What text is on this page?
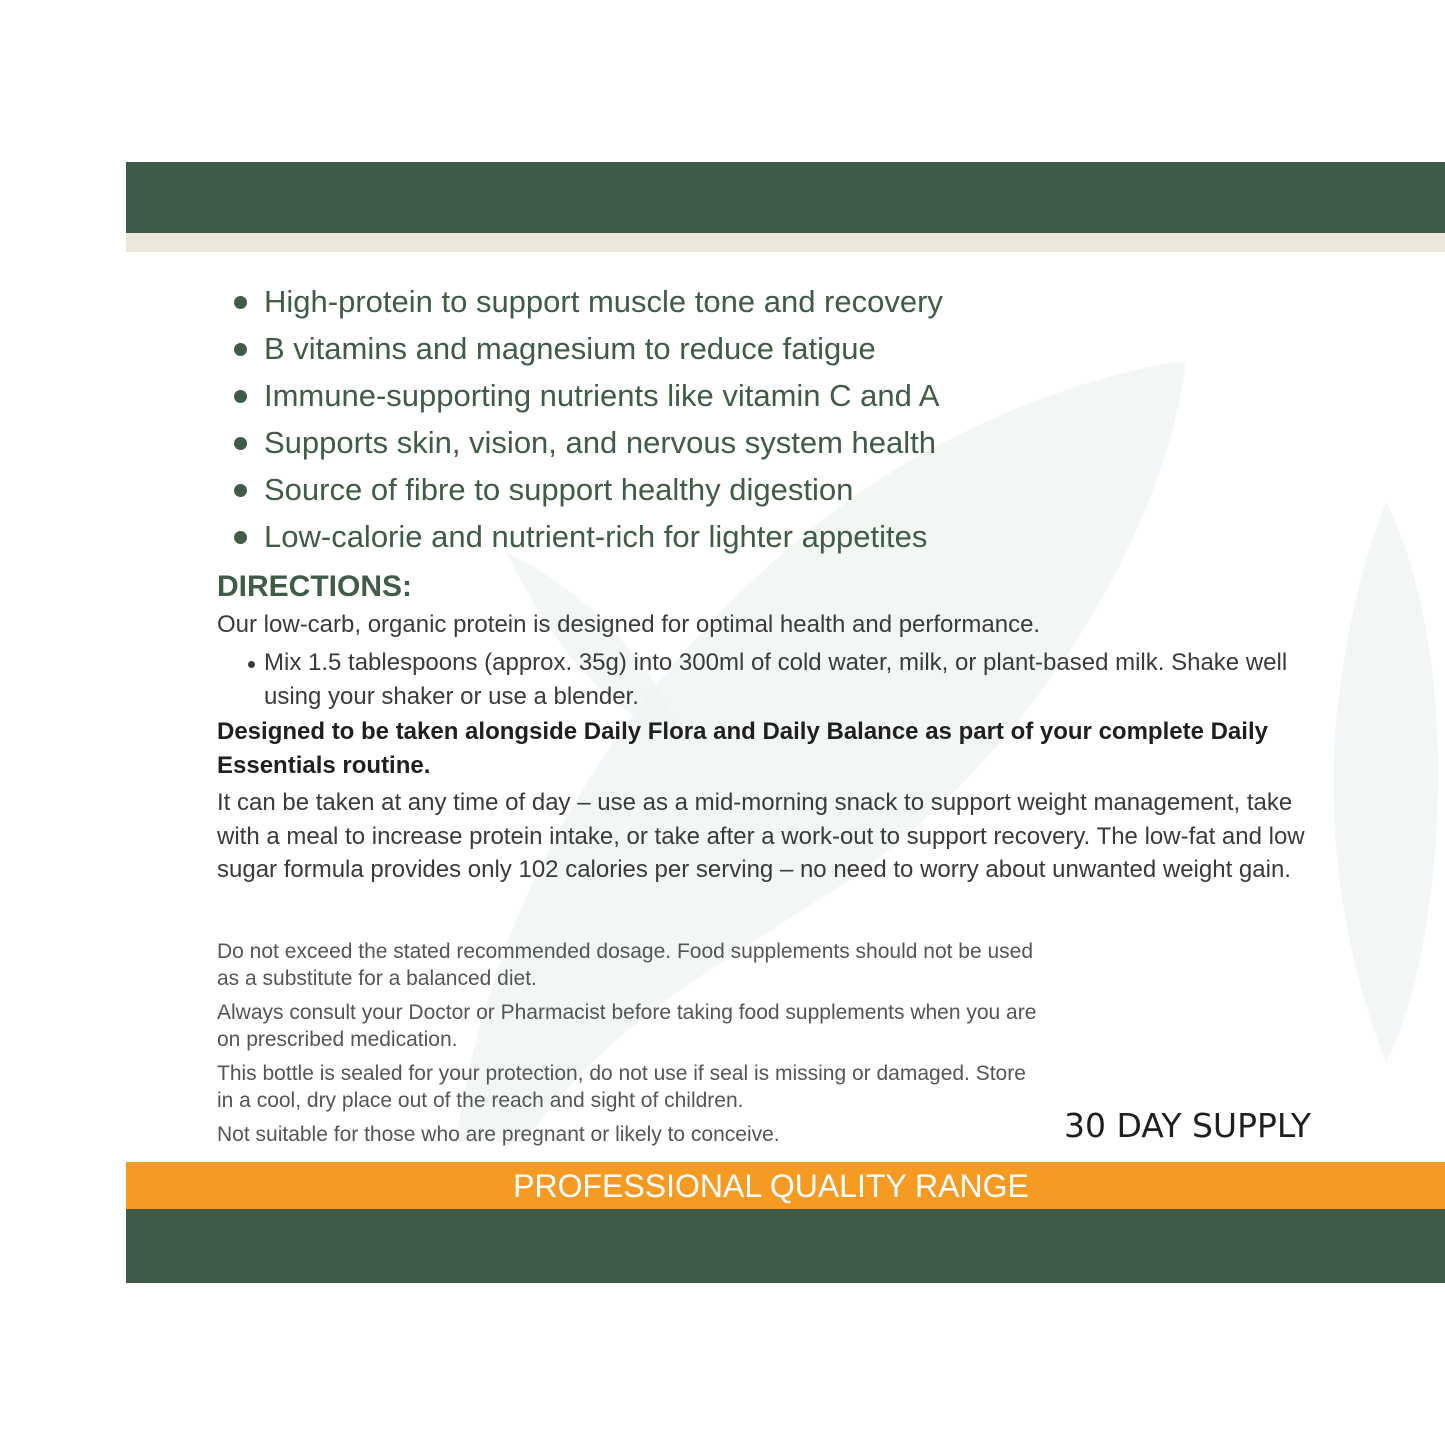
High-protein to support muscle tone and recovery
B vitamins and magnesium to reduce fatigue
Immune-supporting nutrients like vitamin C and A
Supports skin, vision, and nervous system health
Source of fibre to support healthy digestion
Low-calorie and nutrient-rich for lighter appetites
DIRECTIONS:

Our low-carb, organic protein is designed for optimal health and performance.

Mix 1.5 tablespoons (approx. 35g) into 300ml of cold water, milk, or plant-based milk. Shake well using your shaker or use a blender.

Designed to be taken alongside Daily Flora and Daily Balance as part of your complete Daily Essentials routine.

It can be taken at any time of day – use as a mid-morning snack to support weight management, take with a meal to increase protein intake, or take after a work-out to support recovery. The low-fat and low sugar formula provides only 102 calories per serving – no need to worry about unwanted weight gain.

Do not exceed the stated recommended dosage. Food supplements should not be used as a substitute for a balanced diet.

Always consult your Doctor or Pharmacist before taking food supplements when you are on prescribed medication.

This bottle is sealed for your protection, do not use if seal is missing or damaged. Store in a cool, dry place out of the reach and sight of children.

Not suitable for those who are pregnant or likely to conceive.	30 DAY SUPPLY
PROFESSIONAL QUALITY RANGE
